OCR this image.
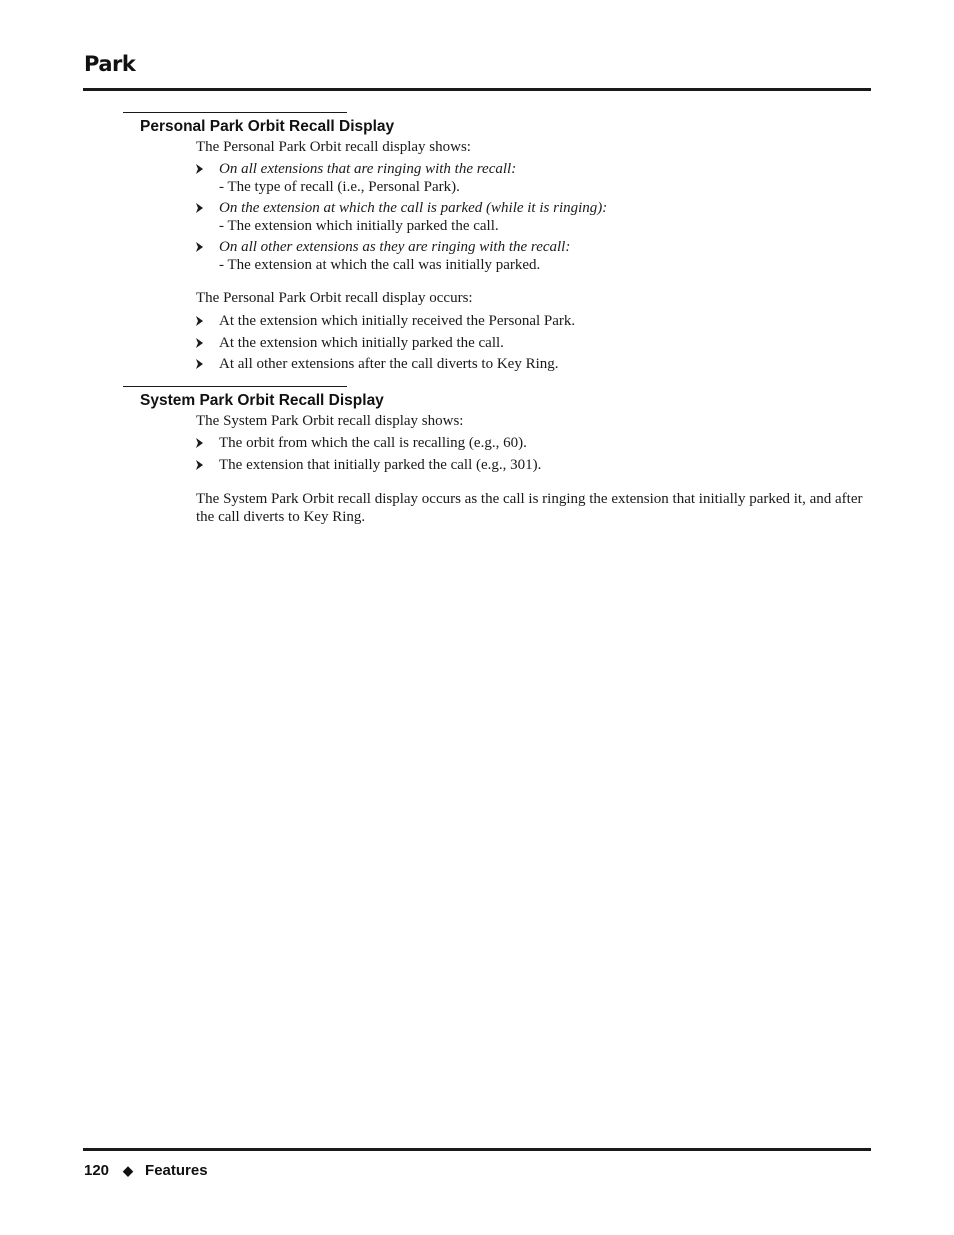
Park
Personal Park Orbit Recall Display
The Personal Park Orbit recall display shows:
On all extensions that are ringing with the recall:
- The type of recall (i.e., Personal Park).
On the extension at which the call is parked (while it is ringing):
- The extension which initially parked the call.
On all other extensions as they are ringing with the recall:
- The extension at which the call was initially parked.
The Personal Park Orbit recall display occurs:
At the extension which initially received the Personal Park.
At the extension which initially parked the call.
At all other extensions after the call diverts to Key Ring.
System Park Orbit Recall Display
The System Park Orbit recall display shows:
The orbit from which the call is recalling (e.g., 60).
The extension that initially parked the call (e.g., 301).
The System Park Orbit recall display occurs as the call is ringing the extension that initially parked it, and after the call diverts to Key Ring.
120 ◆ Features
